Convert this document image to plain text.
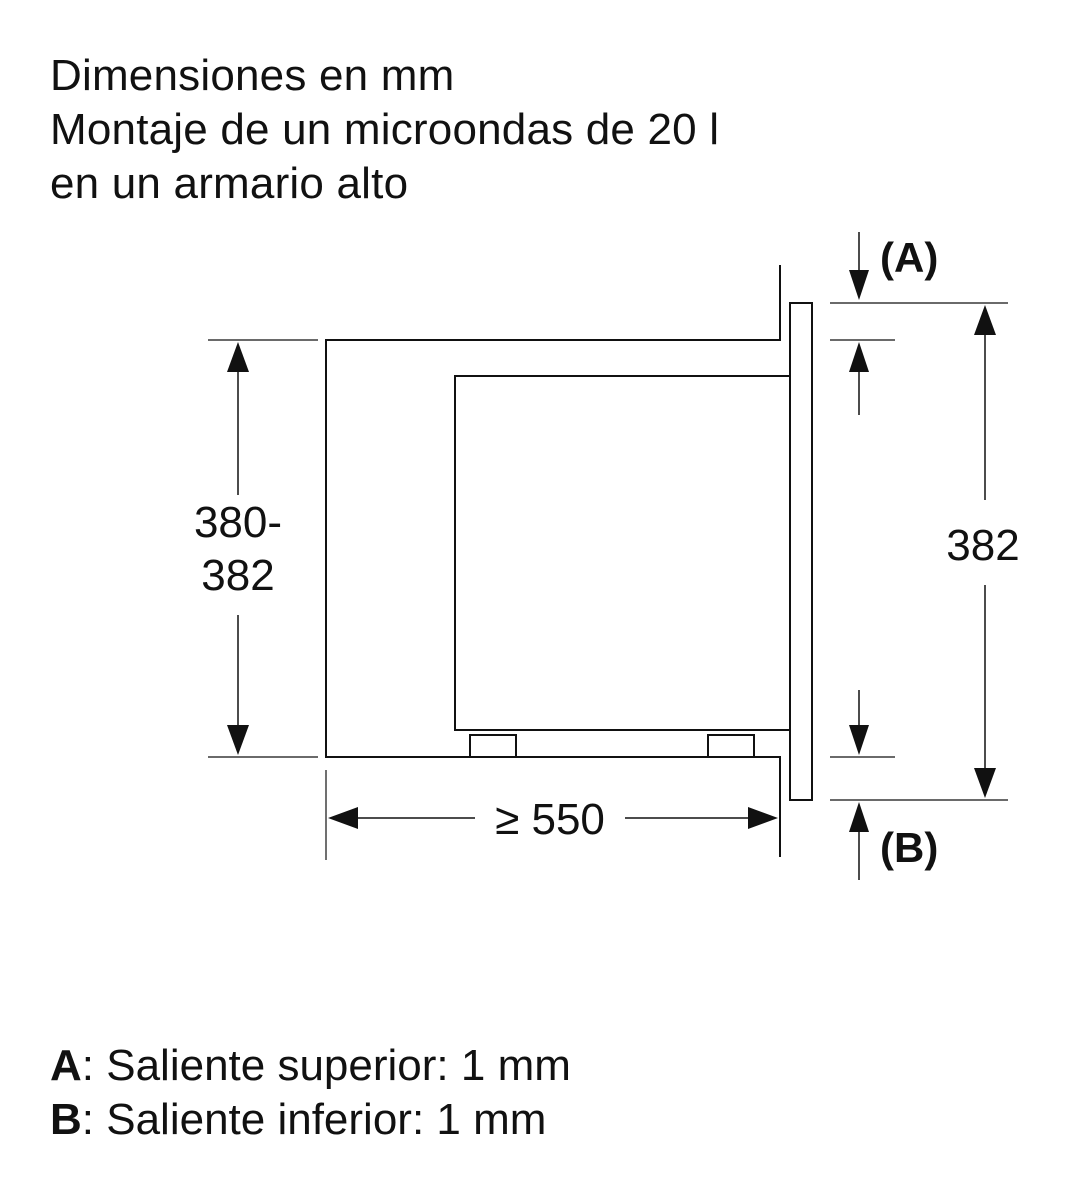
Dimensiones en mm
Montaje de un microondas de 20 l
en un armario alto
380-
382
382
≥ 550
(A)
(B)
A: Saliente superior: 1 mm
B: Saliente inferior: 1 mm
